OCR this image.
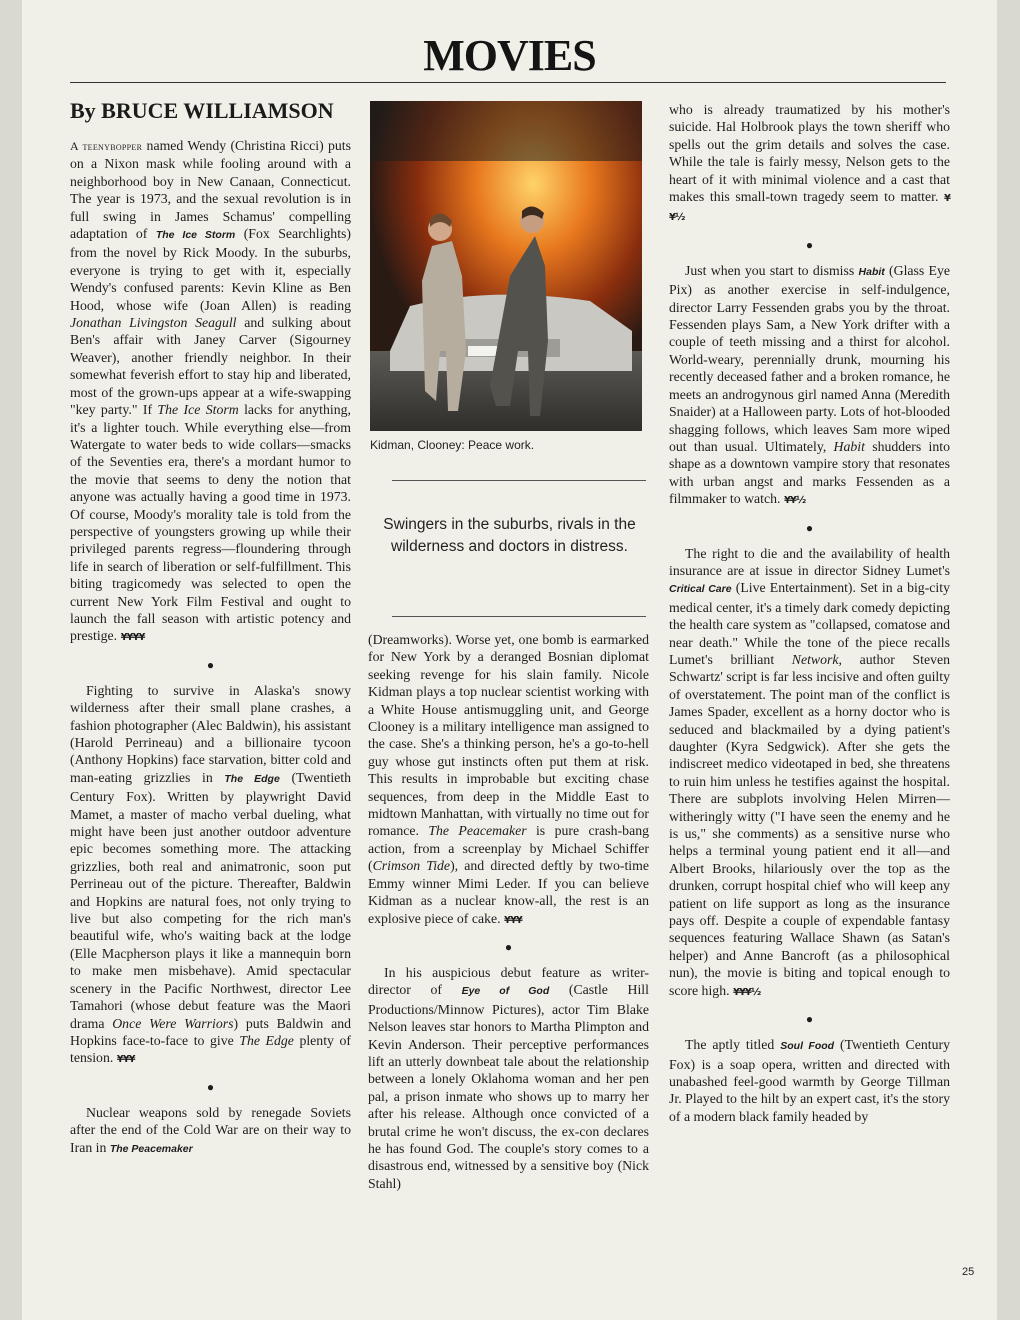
MOVIES
By BRUCE WILLIAMSON

A teenybopper named Wendy (Christina Ricci) puts on a Nixon mask while fooling around with a neighborhood boy in New Canaan, Connecticut. The year is 1973, and the sexual revolution is in full swing in James Schamus' compelling adaptation of The Ice Storm (Fox Searchlights) from the novel by Rick Moody. In the suburbs, everyone is trying to get with it, especially Wendy's confused parents: Kevin Kline as Ben Hood, whose wife (Joan Allen) is reading Jonathan Livingston Seagull and sulking about Ben's affair with Janey Carver (Sigourney Weaver), another friendly neighbor. In their somewhat feverish effort to stay hip and liberated, most of the grown-ups appear at a wife-swapping "key party." If The Ice Storm lacks for anything, it's a lighter touch. While everything else—from Watergate to water beds to wide collars—smacks of the Seventies era, there's a mordant humor to the movie that seems to deny the notion that anyone was actually having a good time in 1973. Of course, Moody's morality tale is told from the perspective of youngsters growing up while their privileged parents regress—floundering through life in search of liberation or self-fulfillment. This biting tragicomedy was selected to open the current New York Film Festival and ought to launch the fall season with artistic potency and prestige. ¥¥¥¥

●

Fighting to survive in Alaska's snowy wilderness after their small plane crashes, a fashion photographer (Alec Baldwin), his assistant (Harold Perrineau) and a billionaire tycoon (Anthony Hopkins) face starvation, bitter cold and man-eating grizzlies in The Edge (Twentieth Century Fox). Written by playwright David Mamet, a master of macho verbal dueling, what might have been just another outdoor adventure epic becomes something more. The attacking grizzlies, both real and animatronic, soon put Perrineau out of the picture. Thereafter, Baldwin and Hopkins are natural foes, not only trying to live but also competing for the rich man's beautiful wife, who's waiting back at the lodge (Elle Macpherson plays it like a mannequin born to make men misbehave). Amid spectacular scenery in the Pacific Northwest, director Lee Tamahori (whose debut feature was the Maori drama Once Were Warriors) puts Baldwin and Hopkins face-to-face to give The Edge plenty of tension. ¥¥¥

●

Nuclear weapons sold by renegade Soviets after the end of the Cold War are on their way to Iran in The Peacemaker

Kidman, Clooney: Peace work.
Swingers in the suburbs, rivals in the wilderness and doctors in distress.

(Dreamworks). Worse yet, one bomb is earmarked for New York by a deranged Bosnian diplomat seeking revenge for his slain family. Nicole Kidman plays a top nuclear scientist working with a White House antismuggling unit, and George Clooney is a military intelligence man assigned to the case. She's a thinking person, he's a go-to-hell guy whose gut instincts often put them at risk. This results in improbable but exciting chase sequences, from deep in the Middle East to midtown Manhattan, with virtually no time out for romance. The Peacemaker is pure crash-bang action, from a screenplay by Michael Schiffer (Crimson Tide), and directed deftly by two-time Emmy winner Mimi Leder. If you can believe Kidman as a nuclear know-all, the rest is an explosive piece of cake. ¥¥¥

●

In his auspicious debut feature as writer-director of Eye of God (Castle Hill Productions/Minnow Pictures), actor Tim Blake Nelson leaves star honors to Martha Plimpton and Kevin Anderson. Their perceptive performances lift an utterly downbeat tale about the relationship between a lonely Oklahoma woman and her pen pal, a prison inmate who shows up to marry her after his release. Although once convicted of a brutal crime he won't discuss, the ex-con declares he has found God. The couple's story comes to a disastrous end, witnessed by a sensitive boy (Nick Stahl)

who is already traumatized by his mother's suicide. Hal Holbrook plays the town sheriff who spells out the grim details and solves the case. While the tale is fairly messy, Nelson gets to the heart of it with minimal violence and a cast that makes this small-town tragedy seem to matter. ¥¥½

●

Just when you start to dismiss Habit (Glass Eye Pix) as another exercise in self-indulgence, director Larry Fessenden grabs you by the throat. Fessenden plays Sam, a New York drifter with a couple of teeth missing and a thirst for alcohol. World-weary, perennially drunk, mourning his recently deceased father and a broken romance, he meets an androgynous girl named Anna (Meredith Snaider) at a Halloween party. Lots of hot-blooded shagging follows, which leaves Sam more wiped out than usual. Ultimately, Habit shudders into shape as a downtown vampire story that resonates with urban angst and marks Fessenden as a filmmaker to watch. ¥¥½

●

The right to die and the availability of health insurance are at issue in director Sidney Lumet's Critical Care (Live Entertainment). Set in a big-city medical center, it's a timely dark comedy depicting the health care system as "collapsed, comatose and near death." While the tone of the piece recalls Lumet's brilliant Network, author Steven Schwartz' script is far less incisive and often guilty of overstatement. The point man of the conflict is James Spader, excellent as a horny doctor who is seduced and blackmailed by a dying patient's daughter (Kyra Sedgwick). After she gets the indiscreet medico videotaped in bed, she threatens to ruin him unless he testifies against the hospital. There are subplots involving Helen Mirren—witheringly witty ("I have seen the enemy and he is us," she comments) as a sensitive nurse who helps a terminal young patient end it all—and Albert Brooks, hilariously over the top as the drunken, corrupt hospital chief who will keep any patient on life support as long as the insurance pays off. Despite a couple of expendable fantasy sequences featuring Wallace Shawn (as Satan's helper) and Anne Bancroft (as a philosophical nun), the movie is biting and topical enough to score high. ¥¥¥½

●

The aptly titled Soul Food (Twentieth Century Fox) is a soap opera, written and directed with unabashed feel-good warmth by George Tillman Jr. Played to the hilt by an expert cast, it's the story of a modern black family headed by

25
